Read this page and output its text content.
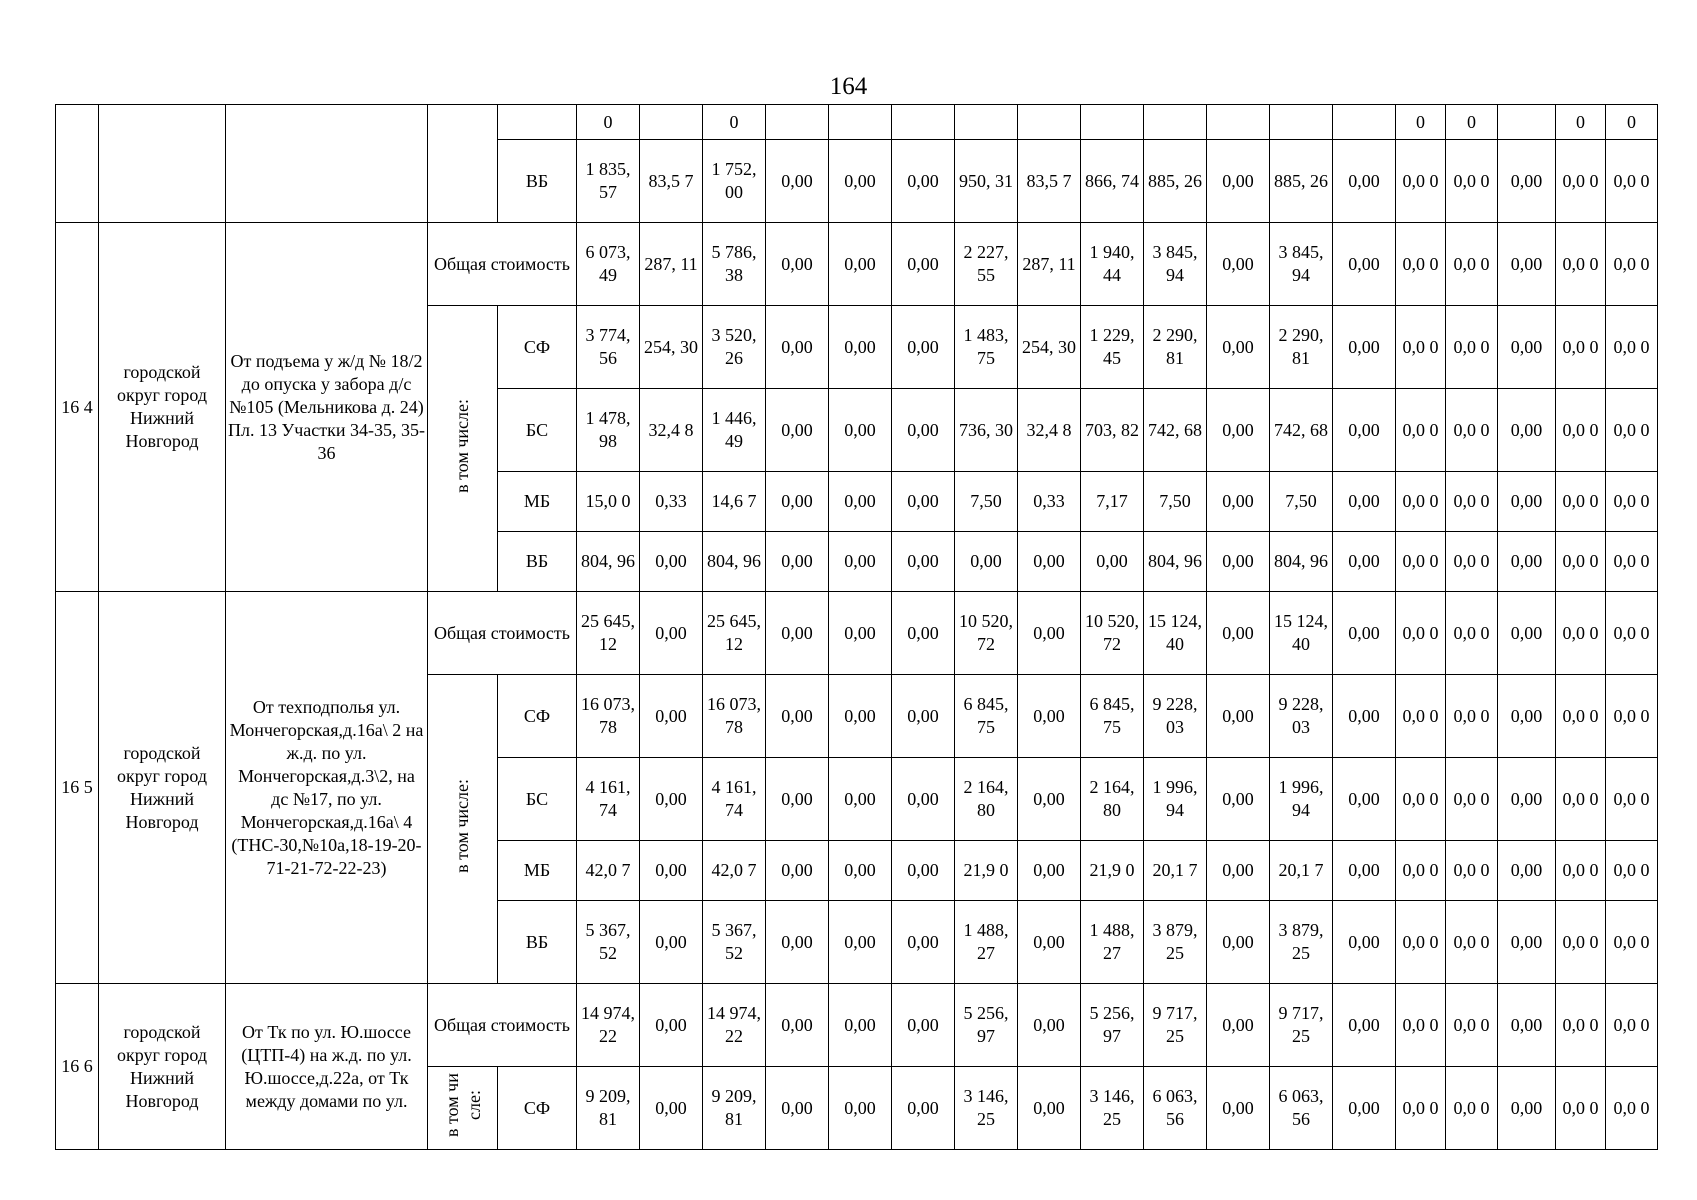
164
					0		0											0	0		0	0
				ВБ	1 835, 57	83,5 7	1 752, 00	0,00	0,00	0,00	950, 31	83,5 7	866, 74	885, 26	0,00	885, 26	0,00	0,0 0	0,0 0	0,00	0,0 0	0,0 0
16 4	городской округ город Нижний Новгород	От подъема у ж/д № 18/2 до опуска у забора д/с №105 (Мельникова д. 24) Пл. 13 Участки 34-35, 35-36	Общая стоимость		6 073, 49	287, 11	5 786, 38	0,00	0,00	0,00	2 227, 55	287, 11	1 940, 44	3 845, 94	0,00	3 845, 94	0,00	0,0 0	0,0 0	0,00	0,0 0	0,0 0
			в том числе:	СФ	3 774, 56	254, 30	3 520, 26	0,00	0,00	0,00	1 483, 75	254, 30	1 229, 45	2 290, 81	0,00	2 290, 81	0,00	0,0 0	0,0 0	0,00	0,0 0	0,0 0
				БС	1 478, 98	32,4 8	1 446, 49	0,00	0,00	0,00	736, 30	32,4 8	703, 82	742, 68	0,00	742, 68	0,00	0,0 0	0,0 0	0,00	0,0 0	0,0 0
				МБ	15,0 0	0,33	14,6 7	0,00	0,00	0,00	7,50	0,33	7,17	7,50	0,00	7,50	0,00	0,0 0	0,0 0	0,00	0,0 0	0,0 0
				ВБ	804, 96	0,00	804, 96	0,00	0,00	0,00	0,00	0,00	0,00	804, 96	0,00	804, 96	0,00	0,0 0	0,0 0	0,00	0,0 0	0,0 0
16 5	городской округ город Нижний Новгород	От техподполья ул. Мончегорская,д.16а\ 2 на ж.д. по ул. Мончегорская,д.3\2, на дс №17, по ул. Мончегорская,д.16а\ 4 (ТНС-30,№10а,18-19-20-71-21-72-22-23)	Общая стоимость		25 645, 12	0,00	25 645, 12	0,00	0,00	0,00	10 520, 72	0,00	10 520, 72	15 124, 40	0,00	15 124, 40	0,00	0,0 0	0,0 0	0,00	0,0 0	0,0 0
			в том числе:	СФ	16 073, 78	0,00	16 073, 78	0,00	0,00	0,00	6 845, 75	0,00	6 845, 75	9 228, 03	0,00	9 228, 03	0,00	0,0 0	0,0 0	0,00	0,0 0	0,0 0
				БС	4 161, 74	0,00	4 161, 74	0,00	0,00	0,00	2 164, 80	0,00	2 164, 80	1 996, 94	0,00	1 996, 94	0,00	0,0 0	0,0 0	0,00	0,0 0	0,0 0
				МБ	42,0 7	0,00	42,0 7	0,00	0,00	0,00	21,9 0	0,00	21,9 0	20,1 7	0,00	20,1 7	0,00	0,0 0	0,0 0	0,00	0,0 0	0,0 0
				ВБ	5 367, 52	0,00	5 367, 52	0,00	0,00	0,00	1 488, 27	0,00	1 488, 27	3 879, 25	0,00	3 879, 25	0,00	0,0 0	0,0 0	0,00	0,0 0	0,0 0
16 6	городской округ город Нижний Новгород	От Тк по ул. Ю.шоссе (ЦТП-4) на ж.д. по ул. Ю.шоссе,д.22а, от Тк между домами по ул.	Общая стоимость		14 974, 22	0,00	14 974, 22	0,00	0,00	0,00	5 256, 97	0,00	5 256, 97	9 717, 25	0,00	9 717, 25	0,00	0,0 0	0,0 0	0,00	0,0 0	0,0 0
			в том числе:	СФ	9 209, 81	0,00	9 209, 81	0,00	0,00	0,00	3 146, 25	0,00	3 146, 25	6 063, 56	0,00	6 063, 56	0,00	0,0 0	0,0 0	0,00	0,0 0	0,0 0
